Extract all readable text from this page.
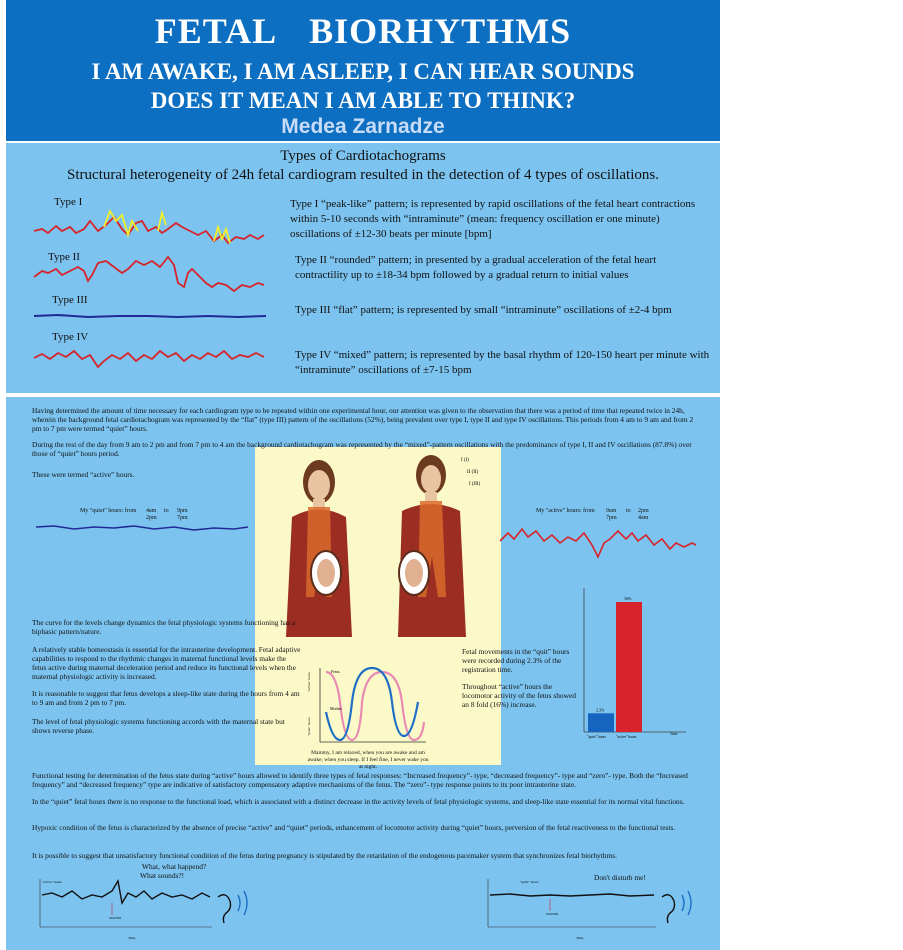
FETAL BIORHYTHMS
I AM AWAKE, I AM ASLEEP, I CAN HEAR SOUNDS
DOES IT MEAN I AM ABLE TO THINK?
Medea Zarnadze
Types of Cardiotachograms
Structural heterogeneity of 24h fetal cardiogram resulted in the detection of 4 types of oscillations.
Type I
Type II
Type III
Type IV
Type I “peak-like” pattern; is represented by rapid oscillations of the fetal heart contractions within 5-10 seconds with “intraminute” (mean: frequency oscillation er one minute) oscillations of ±12-30 beats per minute [bpm]
Type II “rounded” pattern; in presented by a gradual acceleration of the fetal heart contractility up to ±18-34 bpm followed by a gradual return to initial values
Type III “flat” pattern; is represented by small “intraminute” oscillations of ±2-4 bpm
Type IV “mixed” pattern; is represented by the basal rhythm of 120-150 heart per minute with “intraminute” oscillations of ±7-15 bpm
Having determined the amount of time necessary for each cardiogram type to be repeated within one experimental hour, our attention was given to the observation that there was a period of time that repeated twice in 24h, wherein the background fetal cardiotachogram was represented by the “flat” (type III) pattern of the oscillations (52%), being prevalent over type I, type II and type IV oscillations. This periods from 4 am to 9 am and from 2 pm to 7 pm were termed “quiet” hours.
During the rest of the day from 9 am to 2 pm and from 7 pm to 4 am the background cardiotachogram was represented by the “mixed”-pattern oscillations with the predominance of type I, II and IV oscillations (87.8%) over those of “quiet” hours period.
These were termed “active” hours.
My "quiet" hours: from 4am
2pm
to 9pm
7pm
My "active" hours: from 9am
7pm
to 2pm
4am
I (I)
II (II)
I (III)
The curve for the levels change dynamics the fetal physiologic systems functioning has a biphasic pattern/nature.
A relatively stable homeostasis is essential for the intrauterine development. Fetal adaptive capabilities to respond to the rhythmic changes in maternal functional levels make the fetus active during maternal deceleration period and reduce its functional levels when the maternal physiologic activity is increased.
It is reasonable to suggest that fetus develops a sleep-like state during the hours from 4 am to 9 am and from 2 pm to 7 pm.
The level of fetal physiologic systems functioning accords with the maternal state but shows reverse phase.
Fetus
Mother
"active" hours
"quiet" hours
Mammy, I am relaxed, when you are awake and am awake, when you sleep. If I feel fine, I never wake you at night.
Fetal movements in the “quit” hours were recorded during 2.3% of the registration time.
Throughout “active” hours the locomotor activity of the fetus showed an 8 fold (16%) increase.
2.3%
16%
"quiet" hours	"active" hours
Time
Functional testing for determination of the fetus state during “active” hours allowed to identify three types of fetal responses: “Increased frequency”- type, “decreased frequency”- type and “zero”- type. Both the “Increased frequency” and “decreased frequency” type are indicative of satisfactory compensatory adaptive mechanisms of the fetus. The “zero”- type response points to its poor intrauterine state.
In the “quiet” fetal hours there is no response to the functional load, which is associated with a distinct decrease in the activity levels of fetal physiologic systems, and sleep-like state essential for its normal vital functions.
Hypoxic condition of the fetus is characterized by the absence of precise “active” and “quiet” periods, enhancement of locomotor activity during “quiet” hours, perversion of the fetal reactiveness to the functional tests.
It is possible to suggest that unsatisfactory functional condition of the fetus during pregnancy is stipulated by the retardation of the endogenous pacemaker system that synchronizes fetal biorhythms.
What, what happend?
What sounds?!
"active" hours
SOUND
Time
Don't disturb me!
"quiet" hours
SOUND
Time
